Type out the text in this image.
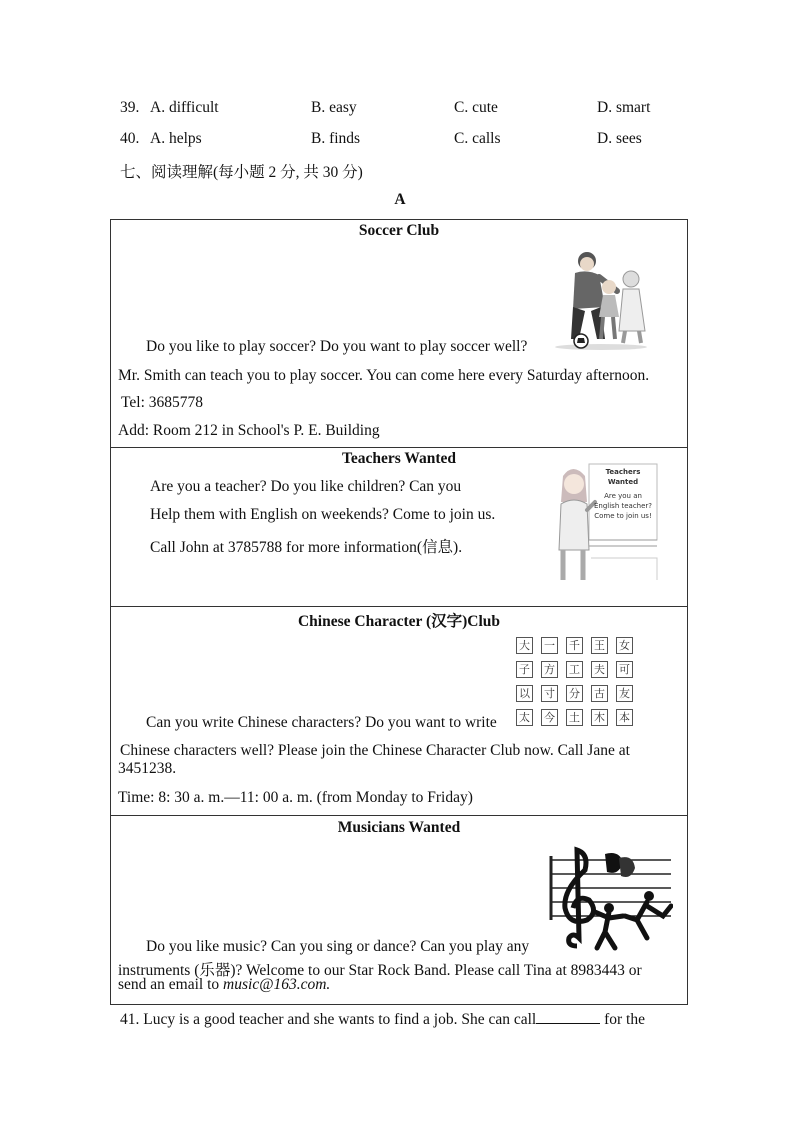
39. A. difficult	B. easy	C. cute	D. smart
40. A. helps	B. finds	C. calls	D. sees
七、阅读理解(每小题 2 分, 共 30 分)
A
Soccer Club
Do you like to play soccer? Do you want to play soccer well?
Mr. Smith can teach you to play soccer. You can come here every Saturday afternoon.
Tel: 3685778
Add: Room 212 in School's P. E. Building
Teachers Wanted
Are you a teacher? Do you like children? Can you
Help them with English on weekends? Come to join us.
Call John at 3785788 for more information(信息).
Teachers Wanted
Are you an
English teacher?
Come to join us!
Chinese Character (汉字)Club
大 一 千 王 女
子 方 工 夫 可
以 寸 分 古 友
太 今 土 木 本
Can you write Chinese characters? Do you want to write
Chinese characters well? Please join the Chinese Character Club now. Call Jane at
3451238.
Time: 8: 30 a. m.—11: 00 a. m. (from Monday to Friday)
Musicians Wanted
Do you like music? Can you sing or dance? Can you play any
instruments (乐器)? Welcome to our Star Rock Band. Please call Tina at 8983443 or
send an email to music@163.com.
41. Lucy is a good teacher and she wants to find a job. She can call	for the
